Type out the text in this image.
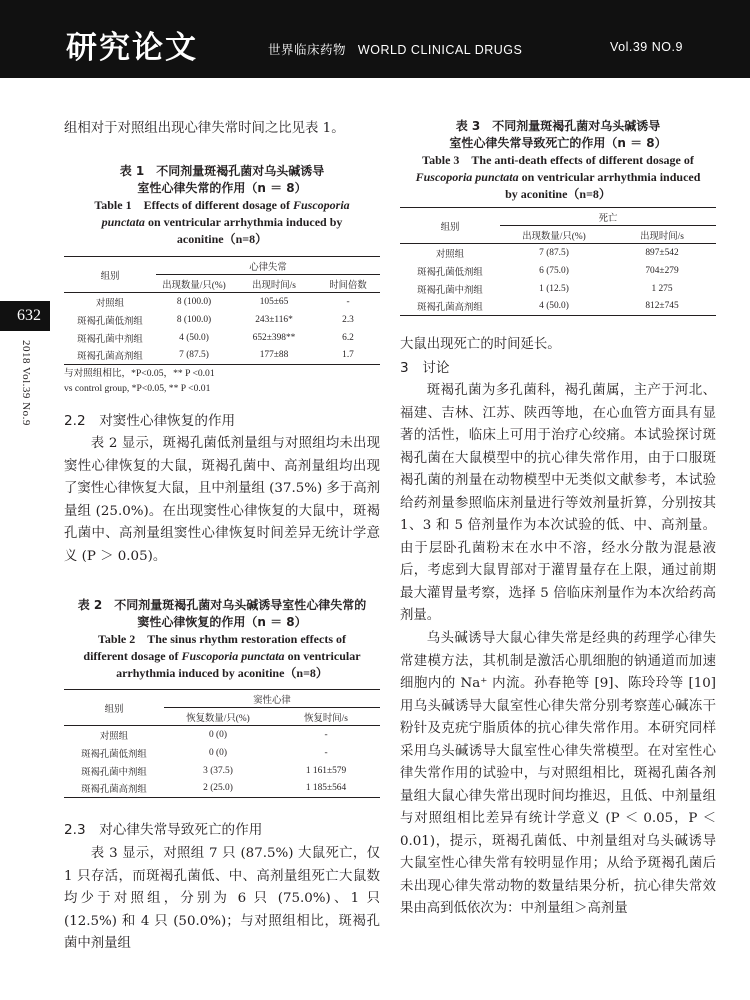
研究论文	世界临床药物   WORLD CLINICAL DRUGS	Vol.39 NO.9
632
2018 Vol.39 No.9

组相对于对照组出现心律失常时间之比见表 1。

表 1　不同剂量斑褐孔菌对乌头碱诱导
室性心律失常的作用（n ＝ 8）
Table 1　Effects of different dosage of Fuscoporia
punctata on ventricular arrhythmia induced by
aconitine（n=8）
组别	心律失常		
	出现数量/只(%)	出现时间/s	时间倍数
对照组	8 (100.0)	105±65	-
斑褐孔菌低剂组	8 (100.0)	243±116*	2.3
斑褐孔菌中剂组	4 (50.0)	652±398**	6.2
斑褐孔菌高剂组	7 (87.5)	177±88	1.7
与对照组相比，*P<0.05，** P <0.01
vs control group, *P<0.05, ** P <0.01
2.2　对窦性心律恢复的作用

表 2 显示，斑褐孔菌低剂量组与对照组均未出现窦性心律恢复的大鼠，斑褐孔菌中、高剂量组均出现了窦性心律恢复大鼠，且中剂量组 (37.5%) 多于高剂量组 (25.0%)。在出现窦性心律恢复的大鼠中，斑褐孔菌中、高剂量组窦性心律恢复时间差异无统计学意义 (P ＞ 0.05)。

表 2　不同剂量斑褐孔菌对乌头碱诱导室性心律失常的
窦性心律恢复的作用（n ＝ 8）
Table 2　The sinus rhythm restoration effects of
different dosage of Fuscoporia punctata on ventricular
arrhythmia induced by aconitine（n=8）
组别	窦性心律	
	恢复数量/只(%)	恢复时间/s
对照组	0 (0)	-
斑褐孔菌低剂组	0 (0)	-
斑褐孔菌中剂组	3 (37.5)	1 161±579
斑褐孔菌高剂组	2 (25.0)	1 185±564
2.3　对心律失常导致死亡的作用

表 3 显示，对照组 7 只 (87.5%) 大鼠死亡，仅 1 只存活，而斑褐孔菌低、中、高剂量组死亡大鼠数均少于对照组，分别为 6 只 (75.0%)、1 只 (12.5%) 和 4 只 (50.0%)；与对照组相比，斑褐孔菌中剂量组

表 3　不同剂量斑褐孔菌对乌头碱诱导
室性心律失常导致死亡的作用（n ＝ 8）
Table 3　The anti-death effects of different dosage of
Fuscoporia punctata on ventricular arrhythmia induced
by aconitine（n=8）
组别	死亡	
	出现数量/只(%)	出现时间/s
对照组	7 (87.5)	897±542
斑褐孔菌低剂组	6 (75.0)	704±279
斑褐孔菌中剂组	1 (12.5)	1 275
斑褐孔菌高剂组	4 (50.0)	812±745

大鼠出现死亡的时间延长。

3　讨论

斑褐孔菌为多孔菌科，褐孔菌属，主产于河北、福建、吉林、江苏、陕西等地，在心血管方面具有显著的活性，临床上可用于治疗心绞痛。本试验探讨斑褐孔菌在大鼠模型中的抗心律失常作用，由于口服斑褐孔菌的剂量在动物模型中无类似文献参考，本试验给药剂量参照临床剂量进行等效剂量折算，分别按其 1、3 和 5 倍剂量作为本次试验的低、中、高剂量。由于层卧孔菌粉末在水中不溶，经水分散为混悬液后，考虑到大鼠胃部对于灌胃量存在上限，通过前期最大灌胃量考察，选择 5 倍临床剂量作为本次给药高剂量。

乌头碱诱导大鼠心律失常是经典的药理学心律失常建模方法，其机制是激活心肌细胞的钠通道而加速细胞内的 Na⁺ 内流。孙春艳等 [9]、陈玲玲等 [10] 用乌头碱诱导大鼠室性心律失常分别考察莲心碱冻干粉针及克疣宁脂质体的抗心律失常作用。本研究同样采用乌头碱诱导大鼠室性心律失常模型。在对室性心律失常作用的试验中，与对照组相比，斑褐孔菌各剂量组大鼠心律失常出现时间均推迟，且低、中剂量组与对照组相比差异有统计学意义 (P ＜ 0.05，P ＜ 0.01)，提示，斑褐孔菌低、中剂量组对乌头碱诱导大鼠室性心律失常有较明显作用；从给予斑褐孔菌后未出现心律失常动物的数量结果分析，抗心律失常效果由高到低依次为：中剂量组＞高剂量
